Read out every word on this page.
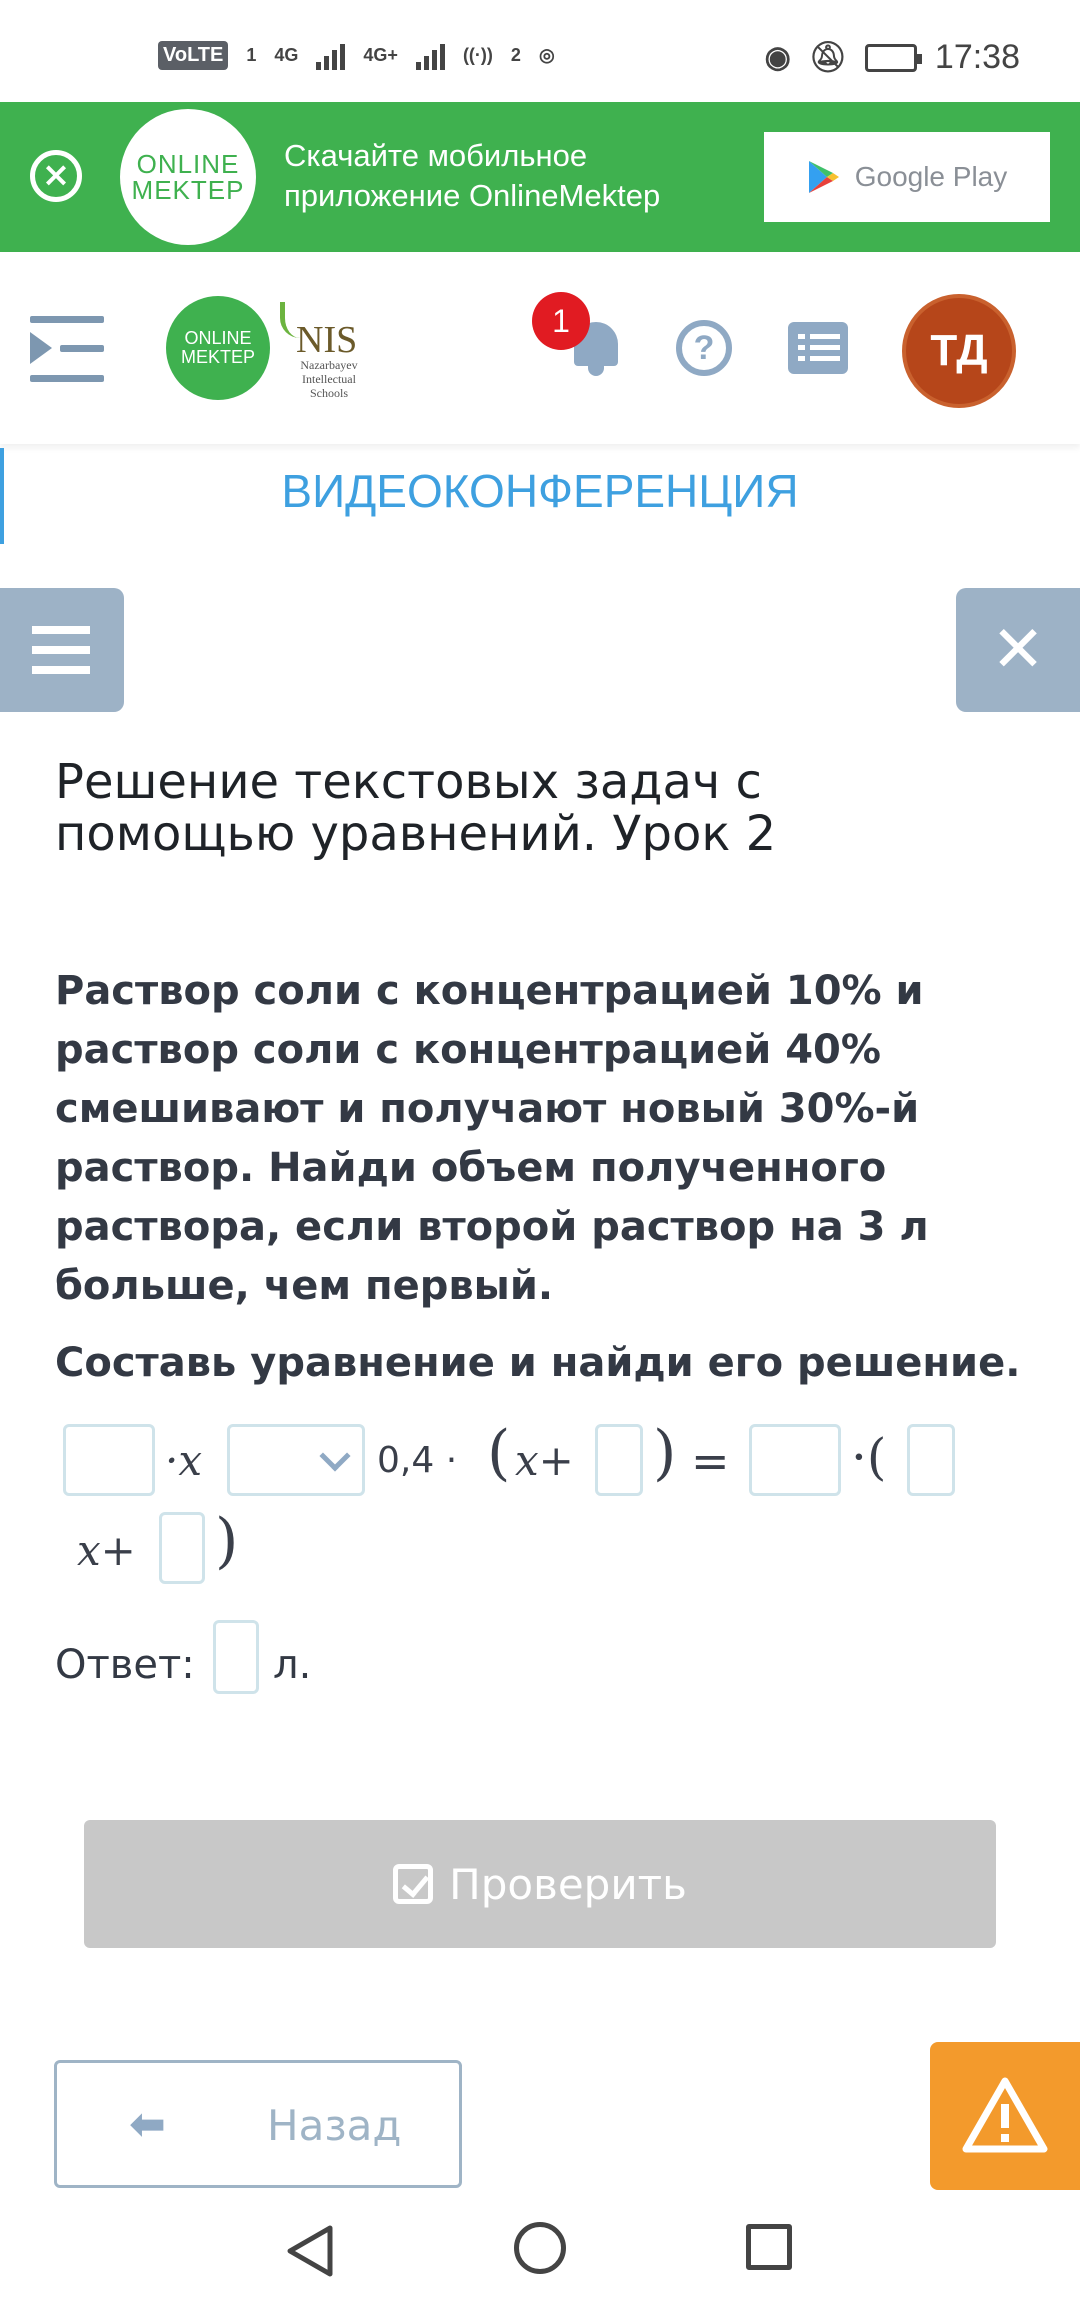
VoLTE 1 4G	4G+	((·)) 2 ◎	◉ 🔕︎	17:38
×	ONLINE
MEKTEP
Скачайте мобильное приложение OnlineMektep
Google Play
ONLINE
MEKTEP NIS
Nazarbayev Intellectual Schools
1
?	ТД
ВИДЕОКОНФЕРЕНЦИЯ
✕
Решение текстовых задач с помощью уравнений. Урок 2
Раствор соли с концентрацией 10% и раствор соли с концентрацией 40% смешивают и получают новый 30%-й раствор. Найди объем полученного раствора, если второй раствор на 3 л больше, чем первый.
Составь уравнение и найди его решение.
·x	0,4 · ( x+ ) = ·(
x+ )
Ответ: л.
Проверить
⬅ Назад
